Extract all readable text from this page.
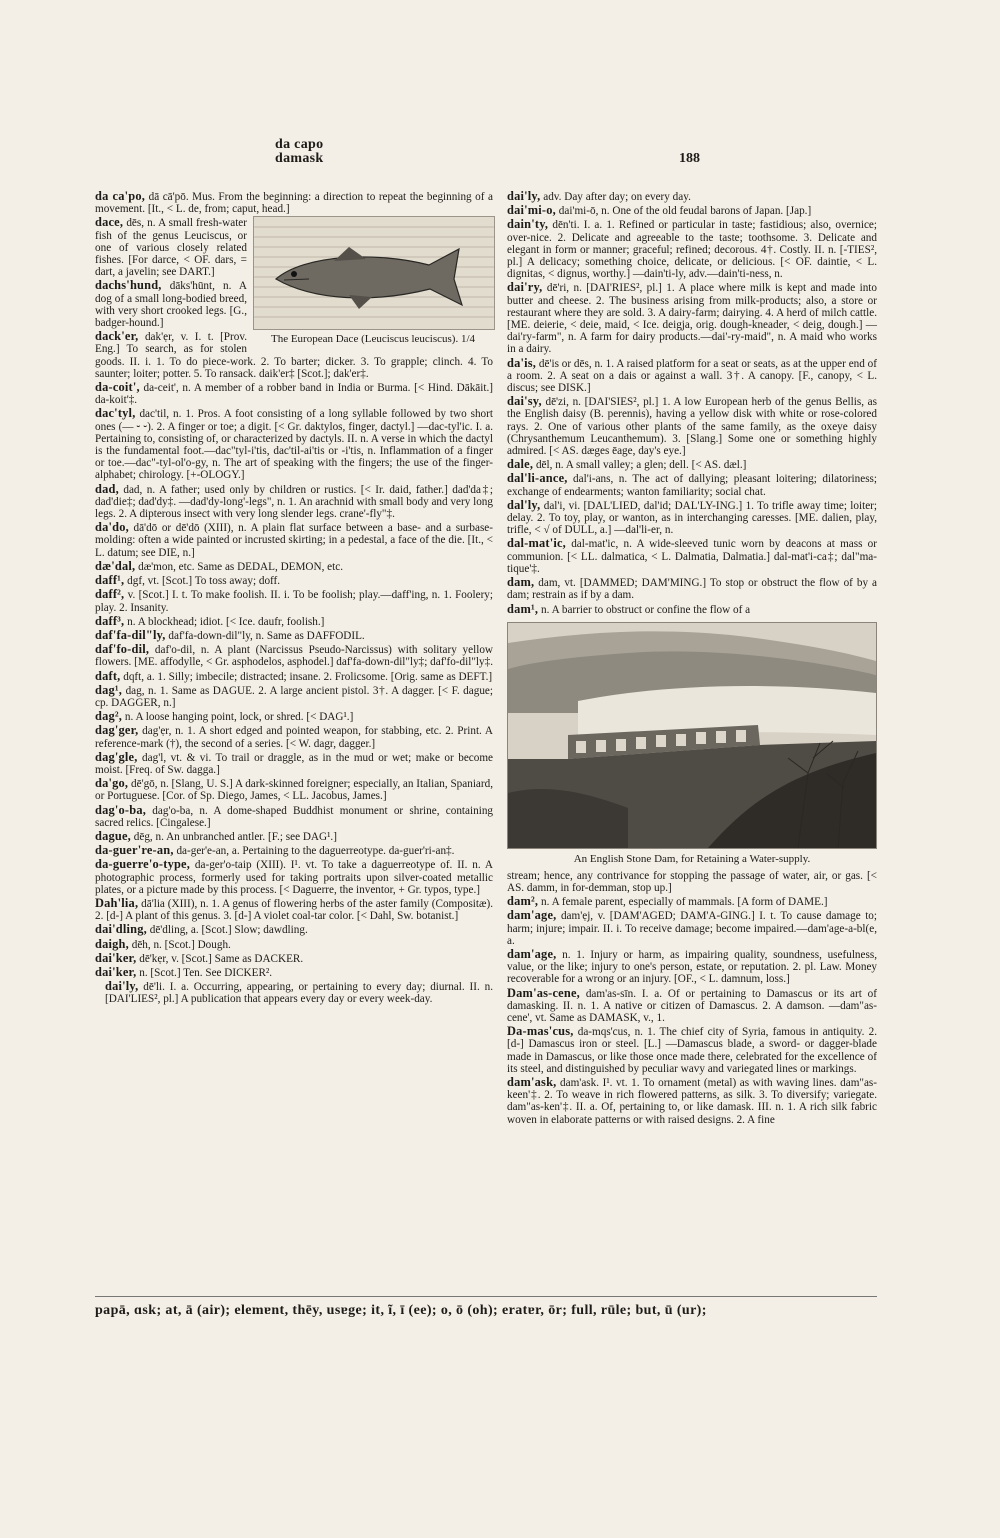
da capo
damask	188
da ca'po, dā cā'pō. Mus. From the beginning: a direction to repeat the beginning of a movement. [It., < L. de, from; caput, head.]
The European Dace (Leuciscus leuciscus). 1/4
dace, dēs, n. A small fresh-water fish of the genus Leuciscus, or one of various closely related fishes. [For darce, < OF. dars, = dart, a javelin; see DART.]
dachs'hund, dāks'hūnt, n. A dog of a small long-bodied breed, with very short crooked legs. [G., badger-hound.]
dack'er, dak'ẹr, v. I. t. [Prov. Eng.] To search, as for stolen goods. II. i. 1. To do piece-work. 2. To barter; dicker. 3. To grapple; clinch. 4. To saunter; loiter; potter. 5. To ransack. daik'er‡ [Scot.]; dak'er‡.
da-coit', da-ceit', n. A member of a robber band in India or Burma. [< Hind. Dākāit.] da-koit'‡.
dac'tyl, dac'til, n. 1. Pros. A foot consisting of a long syllable followed by two short ones (— ⏑ ⏑). 2. A finger or toe; a digit. [< Gr. daktylos, finger, dactyl.] —dac-tyl'ic. I. a. Pertaining to, consisting of, or characterized by dactyls. II. n. A verse in which the dactyl is the fundamental foot.—dac"tyl-i'tis, dac'til-ai'tis or -i'tis, n. Inflammation of a finger or toe.—dac"-tyl-ol'o-gy, n. The art of speaking with the fingers; the use of the finger-alphabet; chirology. [+-OLOGY.]
dad, dad, n. A father; used only by children or rustics. [< Ir. daid, father.] dad'da‡; dad'die‡; dad'dy‡. —dad'dy-long'-legs", n. 1. An arachnid with small body and very long legs. 2. A dipterous insect with very long slender legs. crane'-fly"‡.
da'do, dā'dō or dē'dō (XIII), n. A plain flat surface between a base- and a surbase-molding: often a wide painted or incrusted skirting; in a pedestal, a face of the die. [It., < L. datum; see DIE, n.]
dæ'dal, dæ'mon, etc. Same as DEDAL, DEMON, etc.
daff¹, dgf, vt. [Scot.] To toss away; doff.
daff², v. [Scot.] I. t. To make foolish. II. i. To be foolish; play.—daff'ing, n. 1. Foolery; play. 2. Insanity.
daff³, n. A blockhead; idiot. [< Ice. daufr, foolish.]
daf'fa-dil"ly, daf'fa-down-dil"ly, n. Same as DAFFODIL.
daf'fo-dil, daf'o-dil, n. A plant (Narcissus Pseudo-Narcissus) with solitary yellow flowers. [ME. affodylle, < Gr. asphodelos, asphodel.] daf'fa-down-dil"ly‡; daf'fo-dil"ly‡.
daft, dqft, a. 1. Silly; imbecile; distracted; insane. 2. Frolicsome. [Orig. same as DEFT.]
dag¹, dag, n. 1. Same as DAGUE. 2. A large ancient pistol. 3†. A dagger. [< F. dague; cp. DAGGER, n.]
dag², n. A loose hanging point, lock, or shred. [< DAG¹.]
dag'ger, dag'ẹr, n. 1. A short edged and pointed weapon, for stabbing, etc. 2. Print. A reference-mark (†), the second of a series. [< W. dagr, dagger.]
dag'gle, dag'l, vt. & vi. To trail or draggle, as in the mud or wet; make or become moist. [Freq. of Sw. dagga.]
da'go, dē'gō, n. [Slang, U. S.] A dark-skinned foreigner; especially, an Italian, Spaniard, or Portuguese. [Cor. of Sp. Diego, James, < LL. Jacobus, James.]
dag'o-ba, dag'o-ba, n. A dome-shaped Buddhist monument or shrine, containing sacred relics. [Cingalese.]
dague, dēg, n. An unbranched antler. [F.; see DAG¹.]
da-guer're-an, da-ger'e-an, a. Pertaining to the daguerreotype. da-guer'ri-an‡.
da-guerre'o-type, da-ger'o-taip (XIII). I¹. vt. To take a daguerreotype of. II. n. A photographic process, formerly used for taking portraits upon silver-coated metallic plates, or a picture made by this process. [< Daguerre, the inventor, + Gr. typos, type.]
Dah'lia, dā'lia (XIII), n. 1. A genus of flowering herbs of the aster family (Compositæ). 2. [d-] A plant of this genus. 3. [d-] A violet coal-tar color. [< Dahl, Sw. botanist.]
dai'dling, dē'dling, a. [Scot.] Slow; dawdling.
daigh, dēh, n. [Scot.] Dough.
dai'ker, dē'kẹr, v. [Scot.] Same as DACKER.
dai'ker, n. [Scot.] Ten. See DICKER².
dai'ly, dē'li. I. a. Occurring, appearing, or pertaining to every day; diurnal. II. n. [DAI'LIES², pl.] A publication that appears every day or every week-day.
dai'ly, adv. Day after day; on every day.
dai'mi-o, dai'mi-ō, n. One of the old feudal barons of Japan. [Jap.]
dain'ty, dēn'ti. I. a. 1. Refined or particular in taste; fastidious; also, overnice; over-nice. 2. Delicate and agreeable to the taste; toothsome. 3. Delicate and elegant in form or manner; graceful; refined; decorous. 4†. Costly. II. n. [-TIES², pl.] A delicacy; something choice, delicate, or delicious. [< OF. daintie, < L. dignitas, < dignus, worthy.] —dain'ti-ly, adv.—dain'ti-ness, n.
dai'ry, dē'ri, n. [DAI'RIES², pl.] 1. A place where milk is kept and made into butter and cheese. 2. The business arising from milk-products; also, a store or restaurant where they are sold. 3. A dairy-farm; dairying. 4. A herd of milch cattle. [ME. deierie, < deie, maid, < Ice. deigja, orig. dough-kneader, < deig, dough.] —dai'ry-farm", n. A farm for dairy products.—dai'-ry-maid", n. A maid who works in a dairy.
da'is, dē'is or dēs, n. 1. A raised platform for a seat or seats, as at the upper end of a room. 2. A seat on a dais or against a wall. 3†. A canopy. [F., canopy, < L. discus; see DISK.]
dai'sy, dē'zi, n. [DAI'SIES², pl.] 1. A low European herb of the genus Bellis, as the English daisy (B. perennis), having a yellow disk with white or rose-colored rays. 2. One of various other plants of the same family, as the oxeye daisy (Chrysanthemum Leucanthemum). 3. [Slang.] Some one or something highly admired. [< AS. dæges ēage, day's eye.]
dale, dēl, n. A small valley; a glen; dell. [< AS. dæl.]
dal'li-ance, dal'i-ans, n. The act of dallying; pleasant loitering; dilatoriness; exchange of endearments; wanton familiarity; social chat.
dal'ly, dal'i, vi. [DAL'LIED, dal'id; DAL'LY-ING.] 1. To trifle away time; loiter; delay. 2. To toy, play, or wanton, as in interchanging caresses. [ME. dalien, play, trifle, < √ of DULL, a.] —dal'li-er, n.
dal-mat'ic, dal-mat'ic, n. A wide-sleeved tunic worn by deacons at mass or communion. [< LL. dalmatica, < L. Dalmatia, Dalmatia.] dal-mat'i-ca‡; dal"ma-tique'‡.
dam, dam, vt. [DAMMED; DAM'MING.] To stop or obstruct the flow of by a dam; restrain as if by a dam.
dam¹, n. A barrier to obstruct or confine the flow of a
An English Stone Dam, for Retaining a Water-supply.
stream; hence, any contrivance for stopping the passage of water, air, or gas. [< AS. damm, in for-demman, stop up.]
dam², n. A female parent, especially of mammals. [A form of DAME.]
dam'age, dam'ẹj, v. [DAM'AGED; DAM'A-GING.] I. t. To cause damage to; harm; injure; impair. II. i. To receive damage; become impaired.—dam'age-a-bl(e, a.
dam'age, n. 1. Injury or harm, as impairing quality, soundness, usefulness, value, or the like; injury to one's person, estate, or reputation. 2. pl. Law. Money recoverable for a wrong or an injury. [OF., < L. damnum, loss.]
Dam'as-cene, dam'as-sīn. I. a. Of or pertaining to Damascus or its art of damasking. II. n. 1. A native or citizen of Damascus. 2. A damson. —dam"as-cene', vt. Same as DAMASK, v., 1.
Da-mas'cus, da-mqs'cus, n. 1. The chief city of Syria, famous in antiquity. 2. [d-] Damascus iron or steel. [L.] —Damascus blade, a sword- or dagger-blade made in Damascus, or like those once made there, celebrated for the excellence of its steel, and distinguished by peculiar wavy and variegated lines or markings.
dam'ask, dam'ask. I¹. vt. 1. To ornament (metal) as with waving lines. dam"as-keen'‡. 2. To weave in rich flowered patterns, as silk. 3. To diversify; variegate. dam"as-ken'‡. II. a. Of, pertaining to, or like damask. III. n. 1. A rich silk fabric woven in elaborate patterns or with raised designs. 2. A fine
papā, ɑsk; at, ā (air); elemɐnt, thēy, usɐge; it, ĩ, ī (ee); o, ō (oh); eratɐr, ōr; full, rūle; but, ū (ur);
